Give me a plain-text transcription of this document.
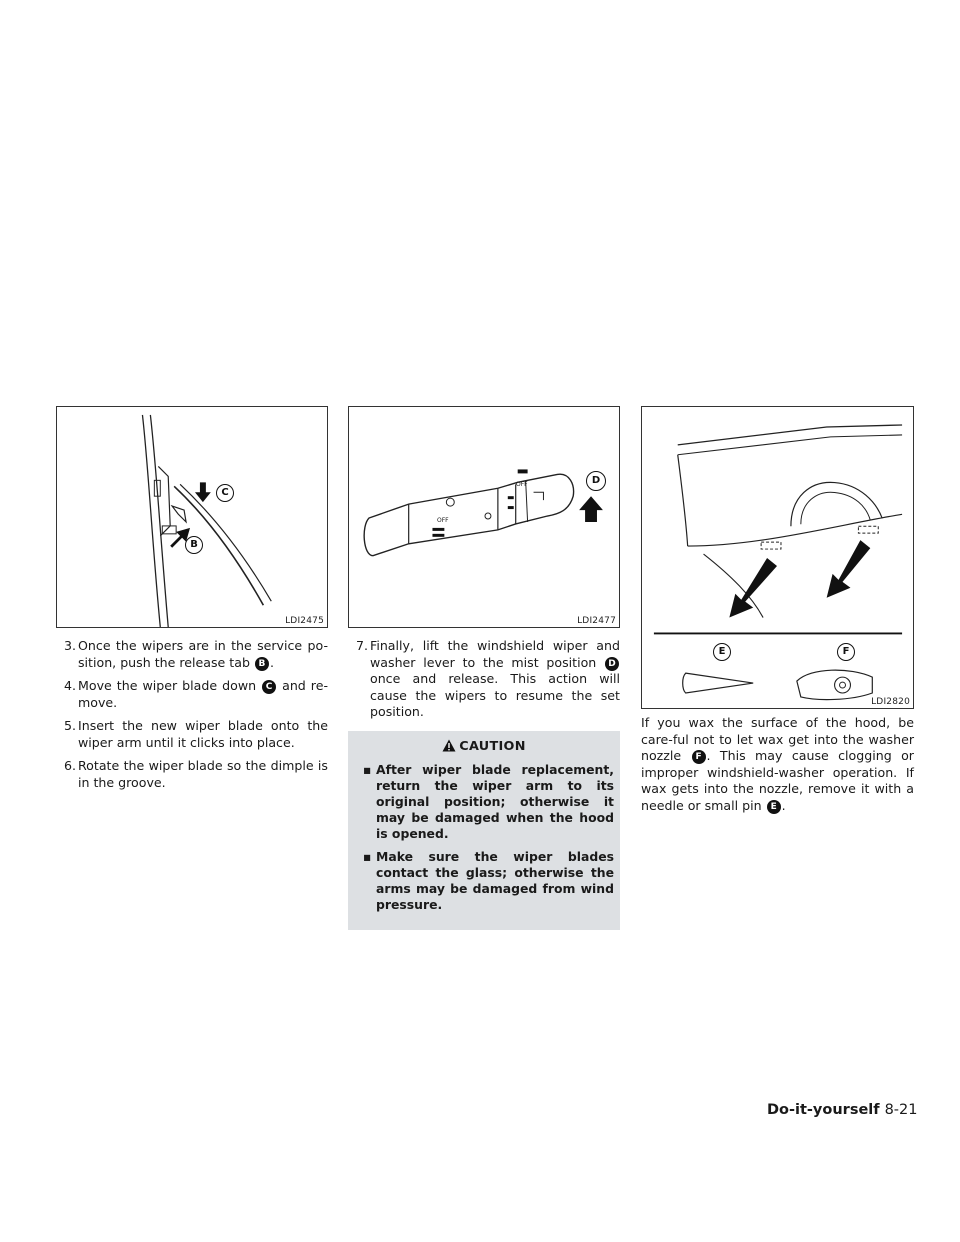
C
B
LDI2475
3. Once the wipers are in the service po-sition, push the release tab B .
4. Move the wiper blade down C and re-move.
5. Insert the new wiper blade onto the wiper arm until it clicks into place.
6. Rotate the wiper blade so the dimple is in the groove.
OFF
OFF	D
LDI2477
7. Finally, lift the windshield wiper and washer lever to the mist position D once and release. This action will cause the wipers to resume the set position.
CAUTION
▪ After wiper blade replacement, return the wiper arm to its original position; otherwise it may be damaged when the hood is opened.
▪ Make sure the wiper blades contact the glass; otherwise the arms may be damaged from wind pressure.
E	F
LDI2820
If you wax the surface of the hood, be care-ful not to let wax get into the washer nozzle F . This may cause clogging or improper windshield-washer operation. If wax gets into the nozzle, remove it with a needle or small pin E .
Do-it-yourself 8-21
